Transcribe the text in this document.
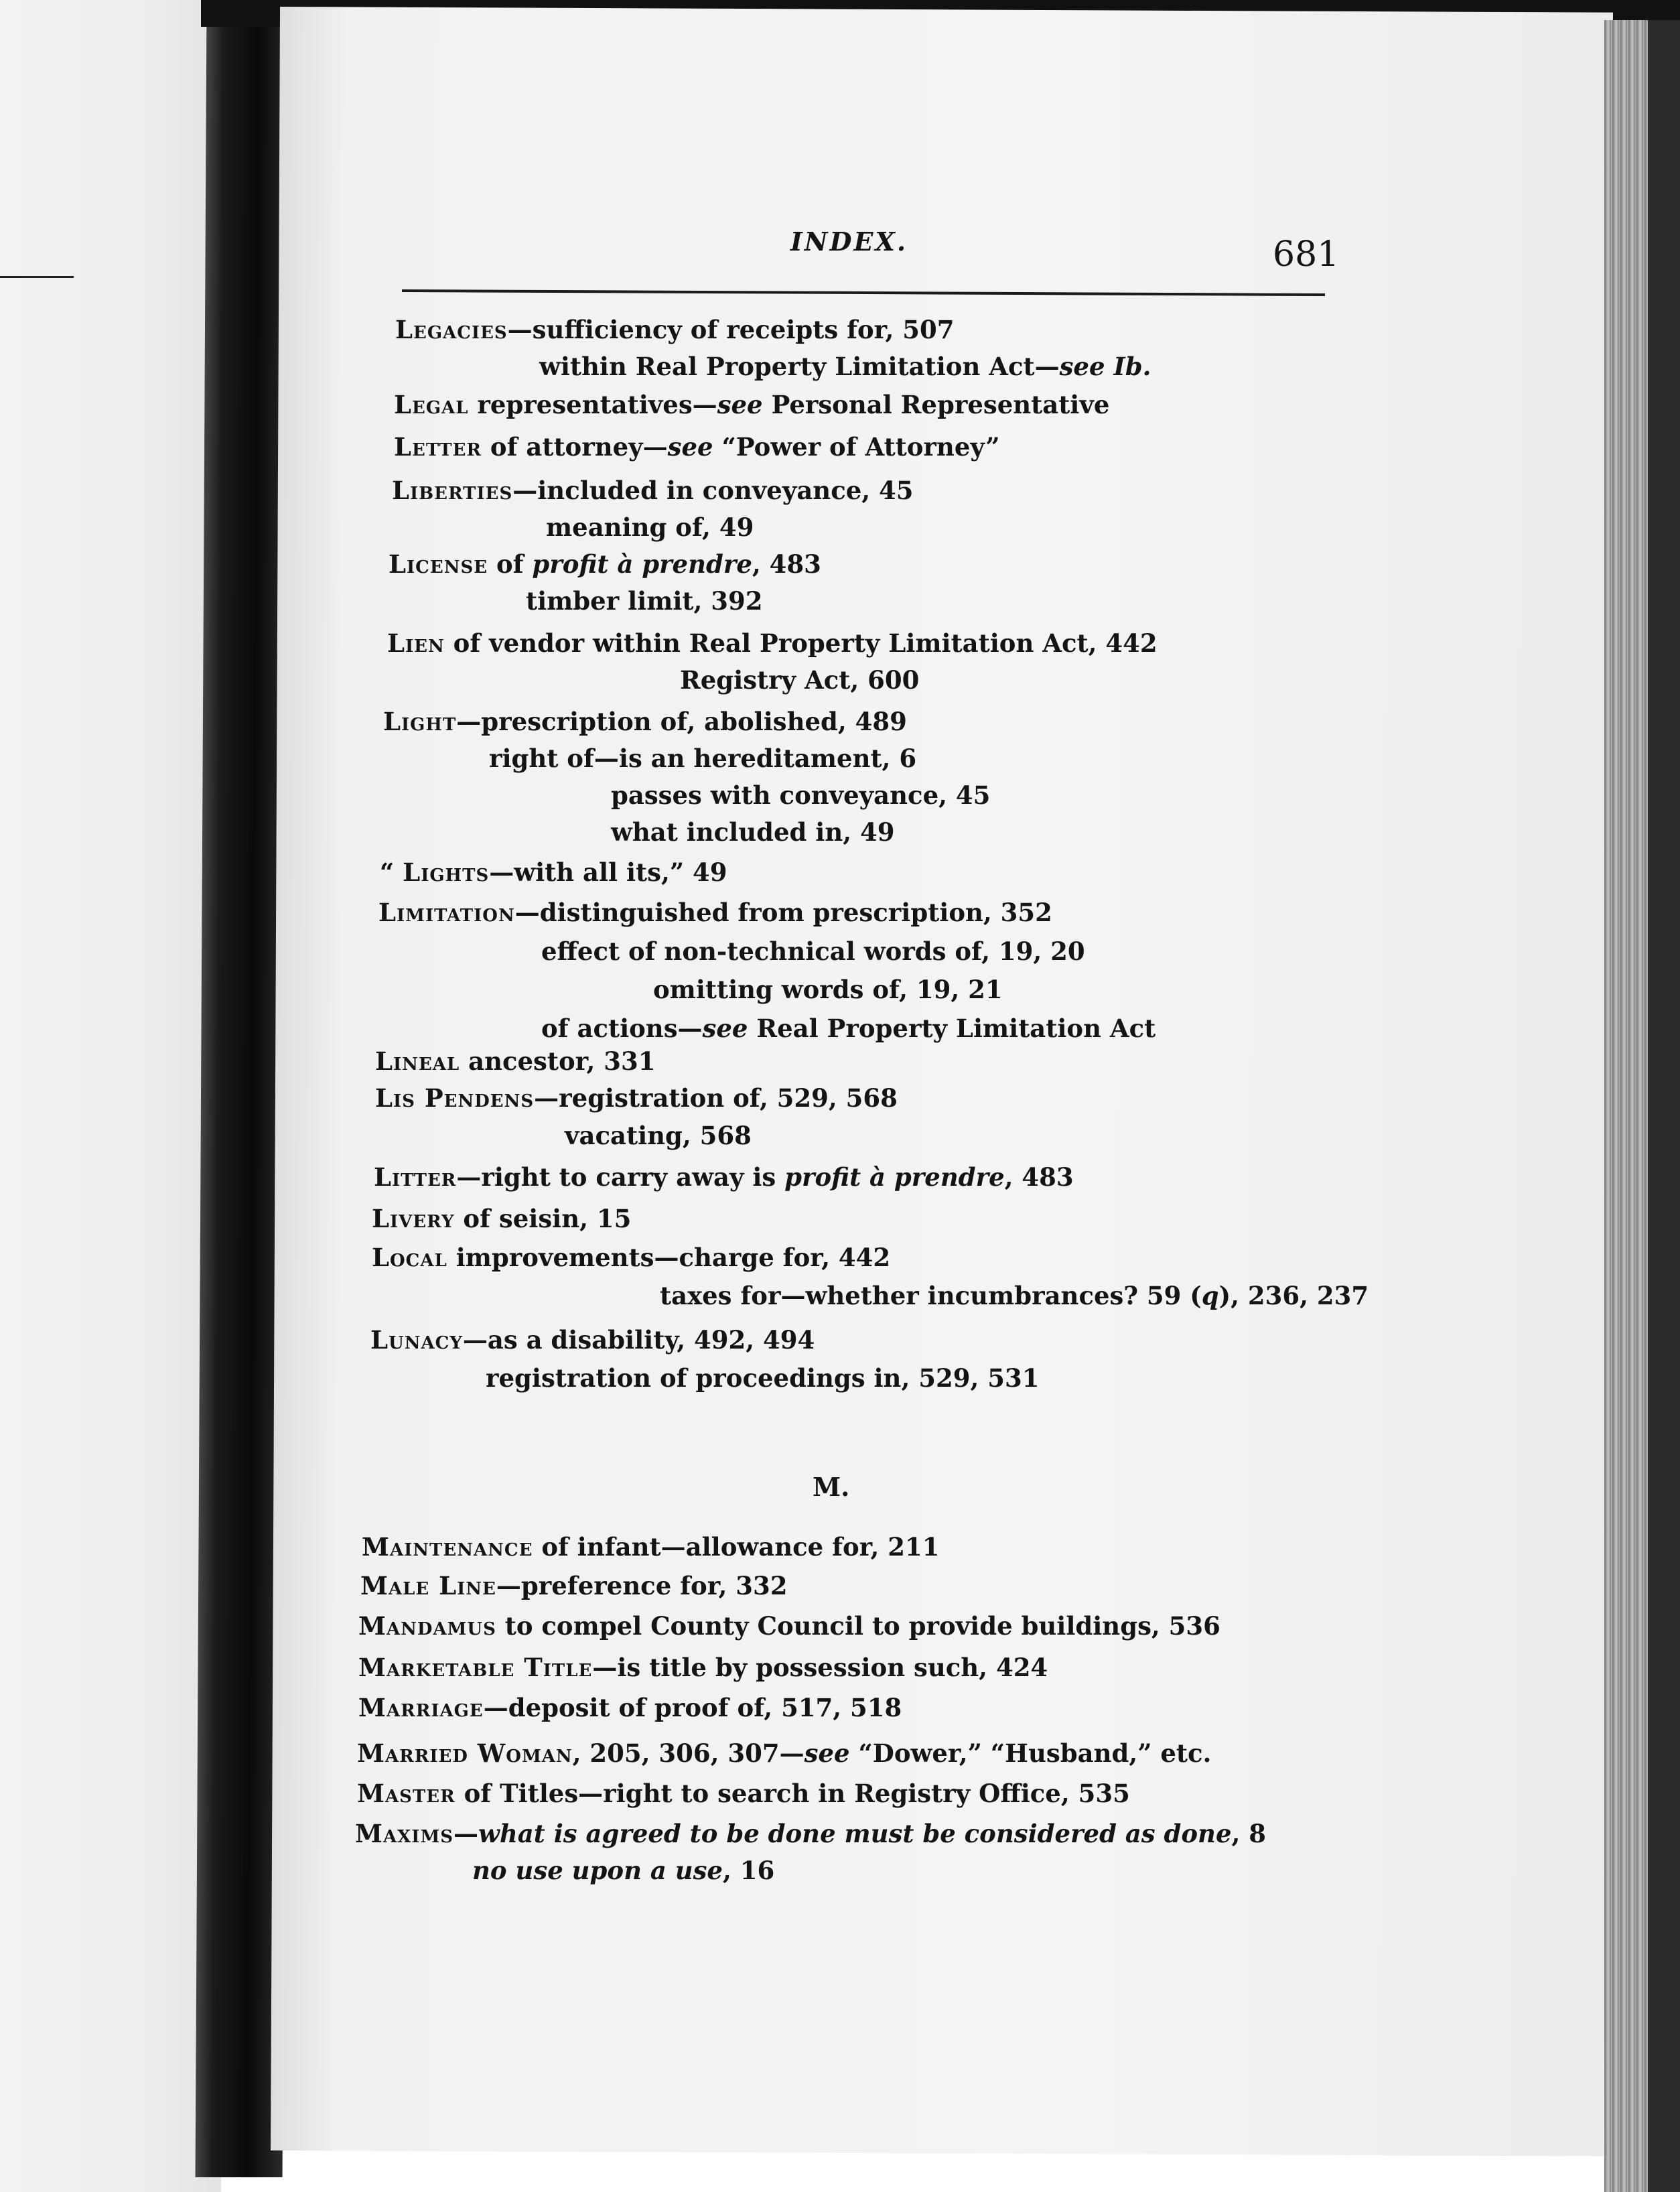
INDEX.	681
Legacies—sufficiency of receipts for, 507
within Real Property Limitation Act—see Ib.
Legal representatives—see Personal Representative
Letter of attorney—see “Power of Attorney”
Liberties—included in conveyance, 45
meaning of, 49
License of profit à prendre, 483
timber limit, 392
Lien of vendor within Real Property Limitation Act, 442
Registry Act, 600
Light—prescription of, abolished, 489
right of—is an hereditament, 6
passes with conveyance, 45
what included in, 49
“ Lights—with all its,” 49
Limitation—distinguished from prescription, 352
effect of non-technical words of, 19, 20
omitting words of, 19, 21
of actions—see Real Property Limitation Act
Lineal ancestor, 331
Lis Pendens—registration of, 529, 568
vacating, 568
Litter—right to carry away is profit à prendre, 483
Livery of seisin, 15
Local improvements—charge for, 442
taxes for—whether incumbrances? 59 (q), 236, 237
Lunacy—as a disability, 492, 494
registration of proceedings in, 529, 531
Maintenance of infant—allowance for, 211
Male Line—preference for, 332
Mandamus to compel County Council to provide buildings, 536
Marketable Title—is title by possession such, 424
Marriage—deposit of proof of, 517, 518
Married Woman, 205, 306, 307—see “Dower,” “Husband,” etc.
Master of Titles—right to search in Registry Office, 535
Maxims—what is agreed to be done must be considered as done, 8
no use upon a use, 16
M.
